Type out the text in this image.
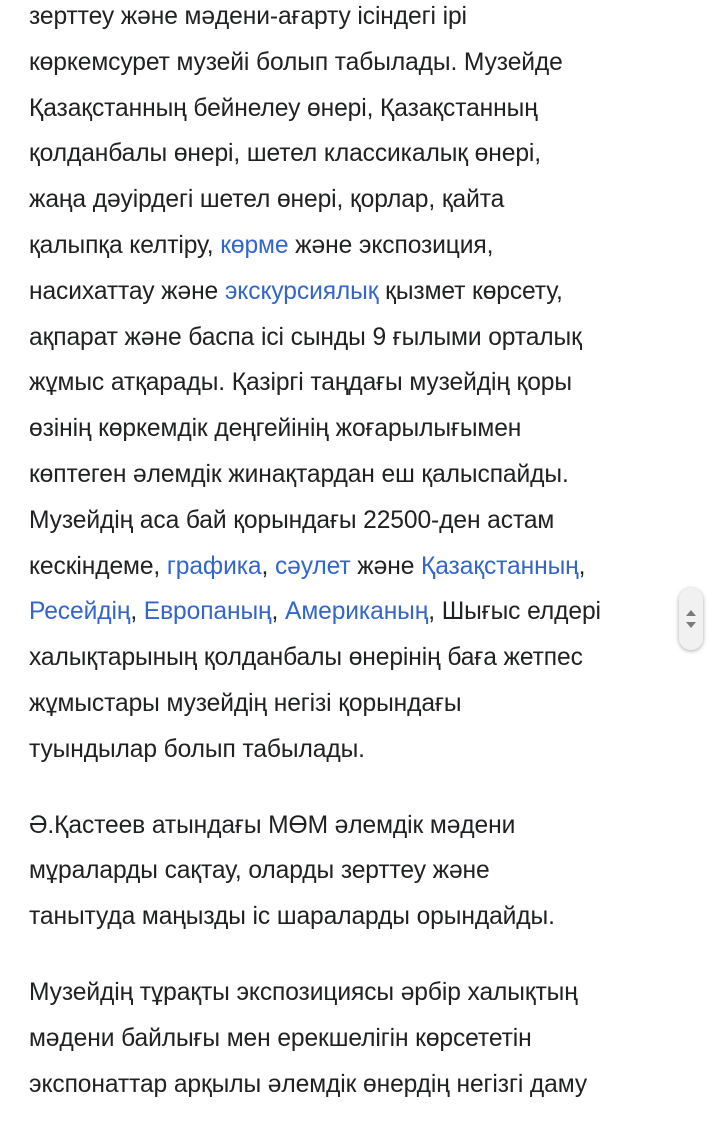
зерттеу және мәдени-ағарту ісіндегі ірі
көркемсурет музейі болып табылады. Музейде
Қазақстанның бейнелеу өнері, Қазақстанның
қолданбалы өнері, шетел классикалық өнері,
жаңа дәуірдегі шетел өнері, қорлар, қайта
қалыпқа келтіру, көрме және экспозиция,
насихаттау және экскурсиялық қызмет көрсету,
ақпарат және баспа ісі сынды 9 ғылыми орталық
жұмыс атқарады. Қазіргі таңдағы музейдің қоры
өзінің көркемдік деңгейінің жоғарылығымен
көптеген әлемдік жинақтардан еш қалыспайды.
Музейдің аса бай қорындағы 22500-ден астам
кескіндеме, графика, сәулет және Қазақстанның,
Ресейдің, Европаның, Американың, Шығыс елдері
халықтарының қолданбалы өнерінің баға жетпес
жұмыстары музейдің негізі қорындағы
туындылар болып табылады.

Ә.Қастеев атындағы МӨМ әлемдік мәдени
мұраларды сақтау, оларды зерттеу және
танытуда маңызды іс шараларды орындайды.

Музейдің тұрақты экспозициясы әрбір халықтың
мәдени байлығы мен ерекшелігін көрсететін
экспонаттар арқылы әлемдік өнердің негізгі даму
